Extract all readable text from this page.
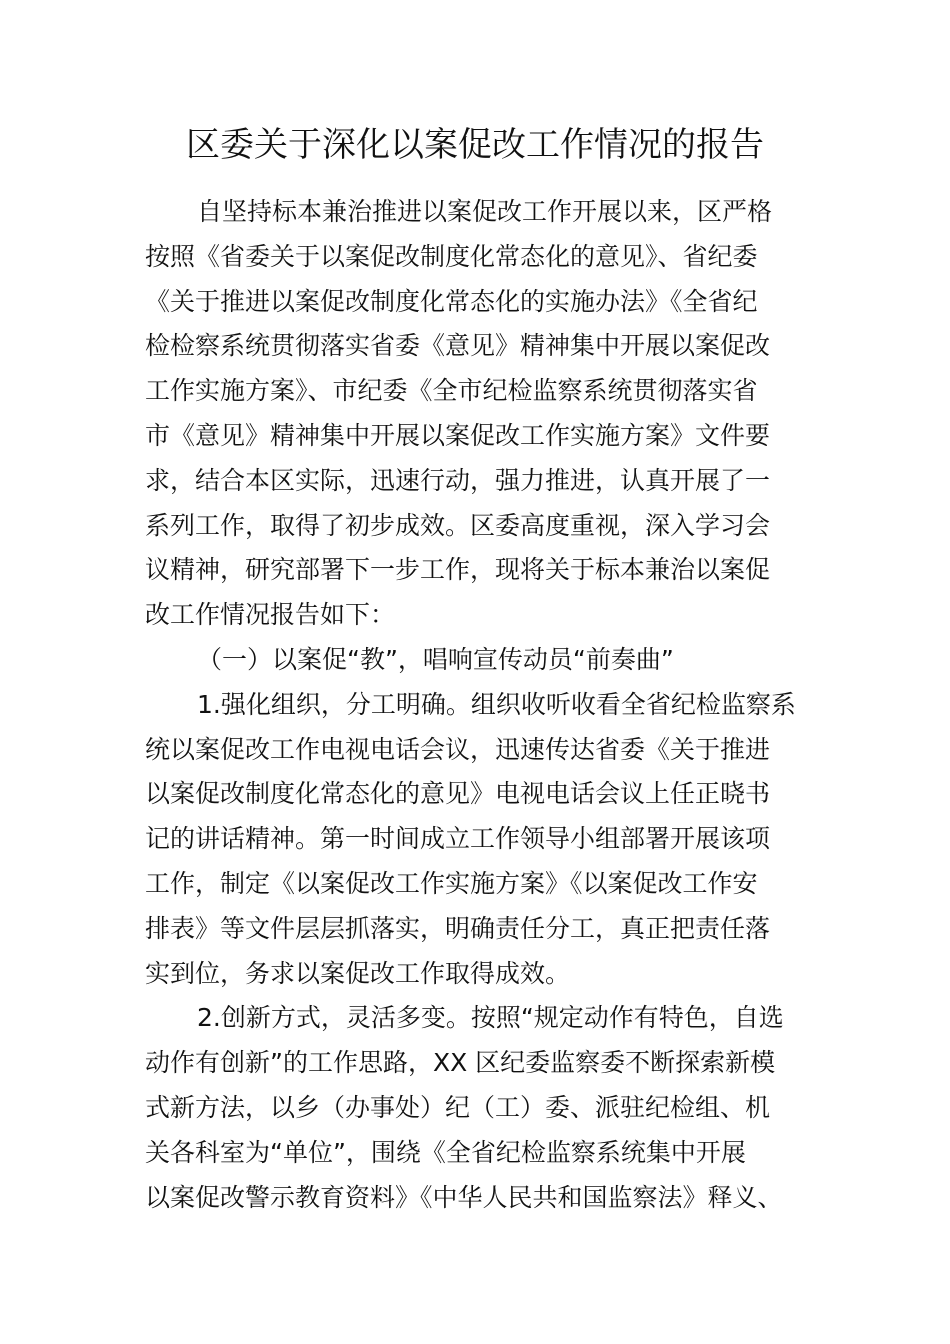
区委关于深化以案促改工作情况的报告
自坚持标本兼治推进以案促改工作开展以来，区严格
按照《省委关于以案促改制度化常态化的意见》、省纪委
《关于推进以案促改制度化常态化的实施办法》《全省纪
检检察系统贯彻落实省委《意见》精神集中开展以案促改
工作实施方案》、市纪委《全市纪检监察系统贯彻落实省
市《意见》精神集中开展以案促改工作实施方案》文件要
求，结合本区实际，迅速行动，强力推进，认真开展了一
系列工作，取得了初步成效。区委高度重视，深入学习会
议精神，研究部署下一步工作，现将关于标本兼治以案促
改工作情况报告如下：
（一）以案促“教”，唱响宣传动员“前奏曲”
1.强化组织，分工明确。组织收听收看全省纪检监察系
统以案促改工作电视电话会议，迅速传达省委《关于推进
以案促改制度化常态化的意见》电视电话会议上任正晓书
记的讲话精神。第一时间成立工作领导小组部署开展该项
工作，制定《以案促改工作实施方案》《以案促改工作安
排表》等文件层层抓落实，明确责任分工，真正把责任落
实到位，务求以案促改工作取得成效。
2.创新方式，灵活多变。按照“规定动作有特色，自选
动作有创新”的工作思路，XX 区纪委监察委不断探索新模
式新方法，以乡（办事处）纪（工）委、派驻纪检组、机
关各科室为“单位”，围绕《全省纪检监察系统集中开展
以案促改警示教育资料》《中华人民共和国监察法》释义、
